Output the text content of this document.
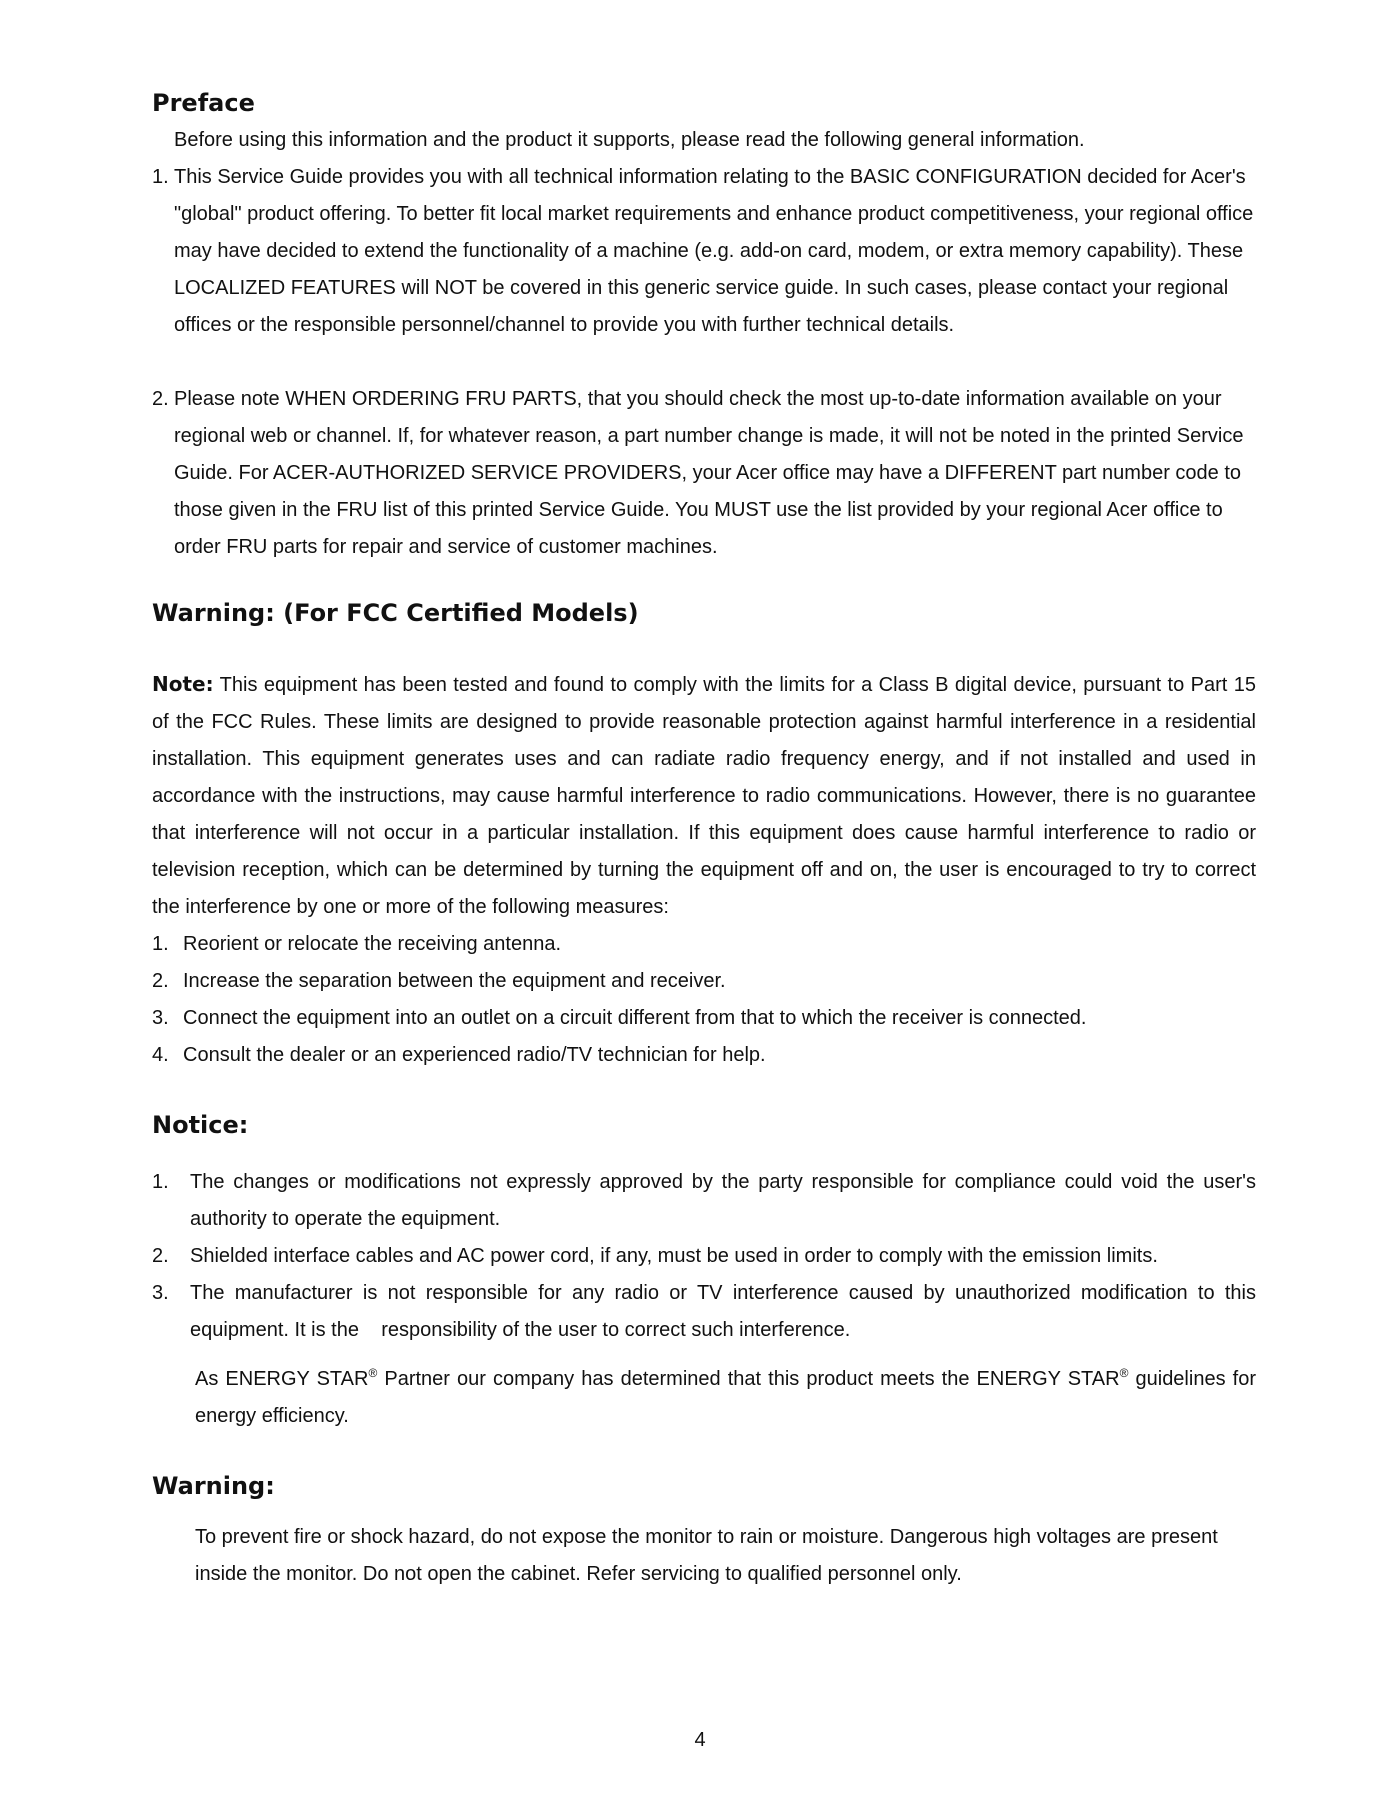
Preface

Before using this information and the product it supports, please read the following general information.

1. This Service Guide provides you with all technical information relating to the BASIC CONFIGURATION decided for Acer's "global" product offering. To better fit local market requirements and enhance product competitiveness, your regional office may have decided to extend the functionality of a machine (e.g. add-on card, modem, or extra memory capability). These LOCALIZED FEATURES will NOT be covered in this generic service guide. In such cases, please contact your regional offices or the responsible personnel/channel to provide you with further technical details.
2. Please note WHEN ORDERING FRU PARTS, that you should check the most up-to-date information available on your regional web or channel. If, for whatever reason, a part number change is made, it will not be noted in the printed Service Guide. For ACER-AUTHORIZED SERVICE PROVIDERS, your Acer office may have a DIFFERENT part number code to those given in the FRU list of this printed Service Guide. You MUST use the list provided by your regional Acer office to order FRU parts for repair and service of customer machines.
Warning: (For FCC Certified Models)

Note: This equipment has been tested and found to comply with the limits for a Class B digital device, pursuant to Part 15 of the FCC Rules. These limits are designed to provide reasonable protection against harmful interference in a residential installation. This equipment generates uses and can radiate radio frequency energy, and if not installed and used in accordance with the instructions, may cause harmful interference to radio communications. However, there is no guarantee that interference will not occur in a particular installation. If this equipment does cause harmful interference to radio or television reception, which can be determined by turning the equipment off and on, the user is encouraged to try to correct the interference by one or more of the following measures:

1. Reorient or relocate the receiving antenna.
2. Increase the separation between the equipment and receiver.
3. Connect the equipment into an outlet on a circuit different from that to which the receiver is connected.
4. Consult the dealer or an experienced radio/TV technician for help.
Notice:
1.	The changes or modifications not expressly approved by the party responsible for compliance could void the user's authority to operate the equipment.
2.	Shielded interface cables and AC power cord, if any, must be used in order to comply with the emission limits.
3.	The manufacturer is not responsible for any radio or TV interference caused by unauthorized modification to this equipment. It is the    responsibility of the user to correct such interference.

As ENERGY STAR® Partner our company has determined that this product meets the ENERGY STAR® guidelines for energy efficiency.

Warning:

To prevent fire or shock hazard, do not expose the monitor to rain or moisture. Dangerous high voltages are present inside the monitor. Do not open the cabinet. Refer servicing to qualified personnel only.

4
